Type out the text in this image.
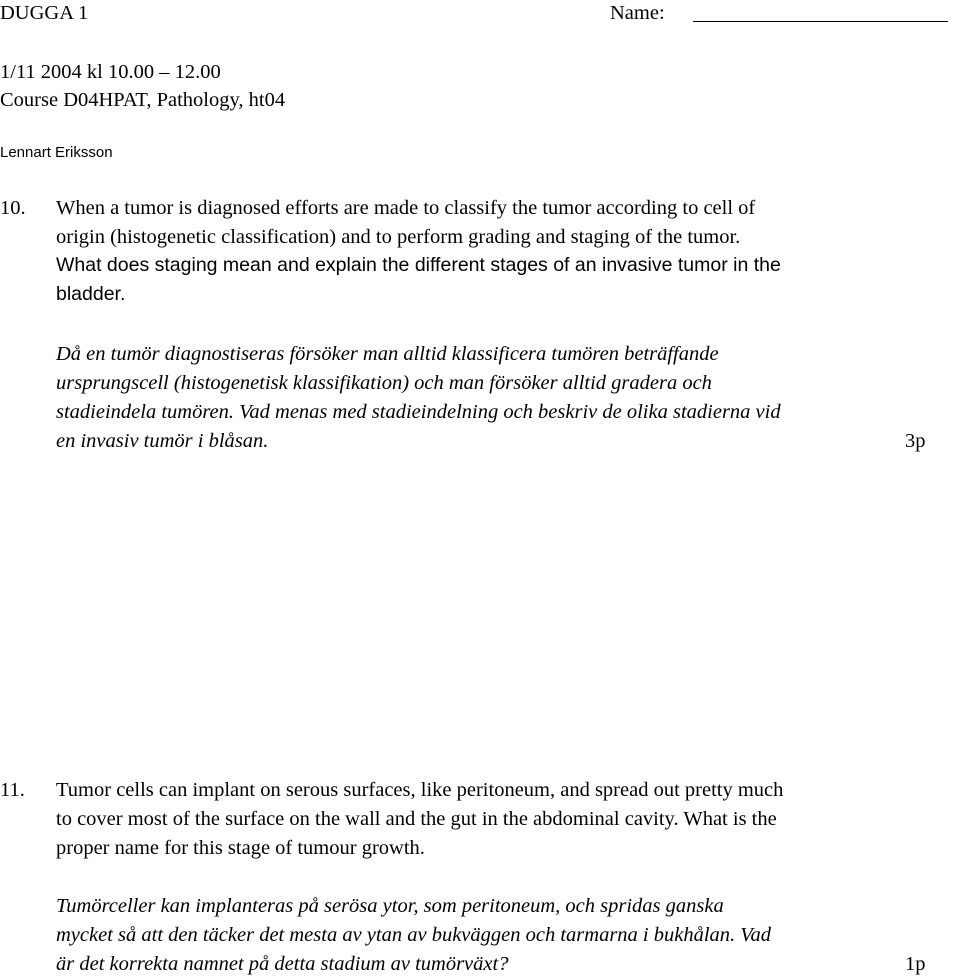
DUGGA 1	Name:
1/11 2004 kl 10.00 – 12.00
Course D04HPAT, Pathology, ht04
Lennart Eriksson
10. When a tumor is diagnosed efforts are made to classify the tumor according to cell of
origin (histogenetic classification) and to perform grading and staging of the tumor.
What does staging mean and explain the different stages of an invasive tumor in the
bladder.
Då en tumör diagnostiseras försöker man alltid klassificera tumören beträffande
ursprungscell (histogenetisk klassifikation) och man försöker alltid gradera och
stadieindela tumören. Vad menas med stadieindelning och beskriv de olika stadierna vid
en invasiv tumör i blåsan.	3p
11. Tumor cells can implant on serous surfaces, like peritoneum, and spread out pretty much
to cover most of the surface on the wall and the gut in the abdominal cavity. What is the
proper name for this stage of tumour growth.
Tumörceller kan implanteras på serösa ytor, som peritoneum, och spridas ganska
mycket så att den täcker det mesta av ytan av bukväggen och tarmarna i bukhålan. Vad
är det korrekta namnet på detta stadium av tumörväxt?	1p
